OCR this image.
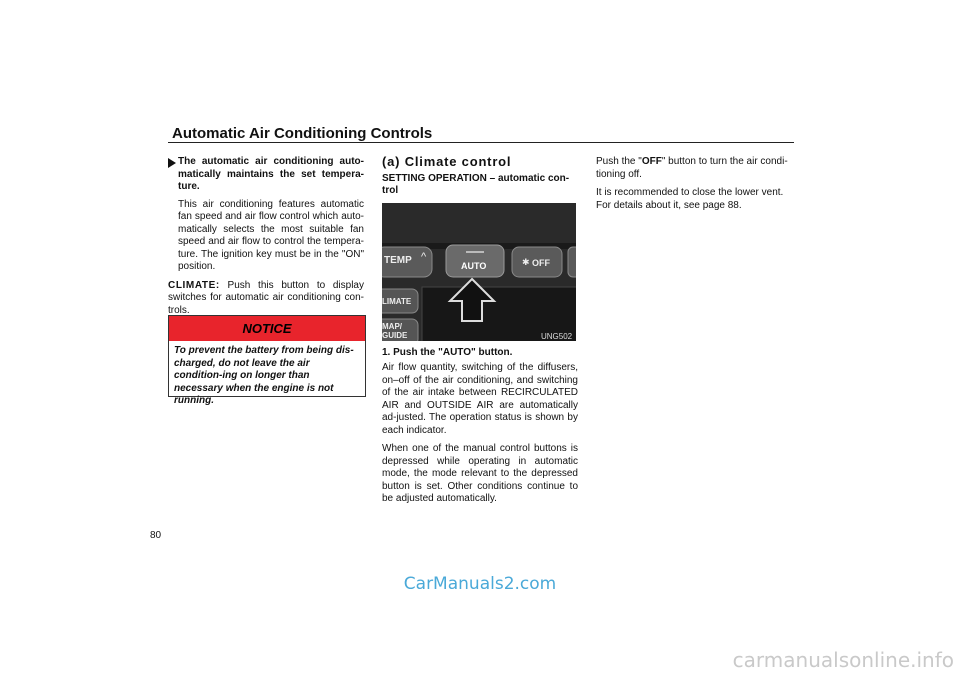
Automatic Air Conditioning Controls
The automatic air conditioning auto-matically maintains the set tempera-ture.

This air conditioning features automatic fan speed and air flow control which auto-matically selects the most suitable fan speed and air flow to control the tempera-ture. The ignition key must be in the "ON" position.

CLIMATE: Push this button to display switches for automatic air conditioning con-trols.

NOTICE
To prevent the battery from being dis-charged, do not leave the air condition-ing on longer than necessary when the engine is not running.
(a) Climate control
SETTING OPERATION – automatic con-trol
TEMP ^
AUTO	✱ OFF
LIMATE
MAP/
GUIDE	UNG502
1. Push the "AUTO" button.

Air flow quantity, switching of the diffusers, on–off of the air conditioning, and switching of the air intake between RECIRCULATED AIR and OUTSIDE AIR are automatically ad-justed. The operation status is shown by each indicator.

When one of the manual control buttons is depressed while operating in automatic mode, the mode relevant to the depressed button is set. Other conditions continue to be adjusted automatically.

Push the "OFF" button to turn the air condi-tioning off.

It is recommended to close the lower vent. For details about it, see page 88.

80
CarManuals2.com
carmanualsonline.info
